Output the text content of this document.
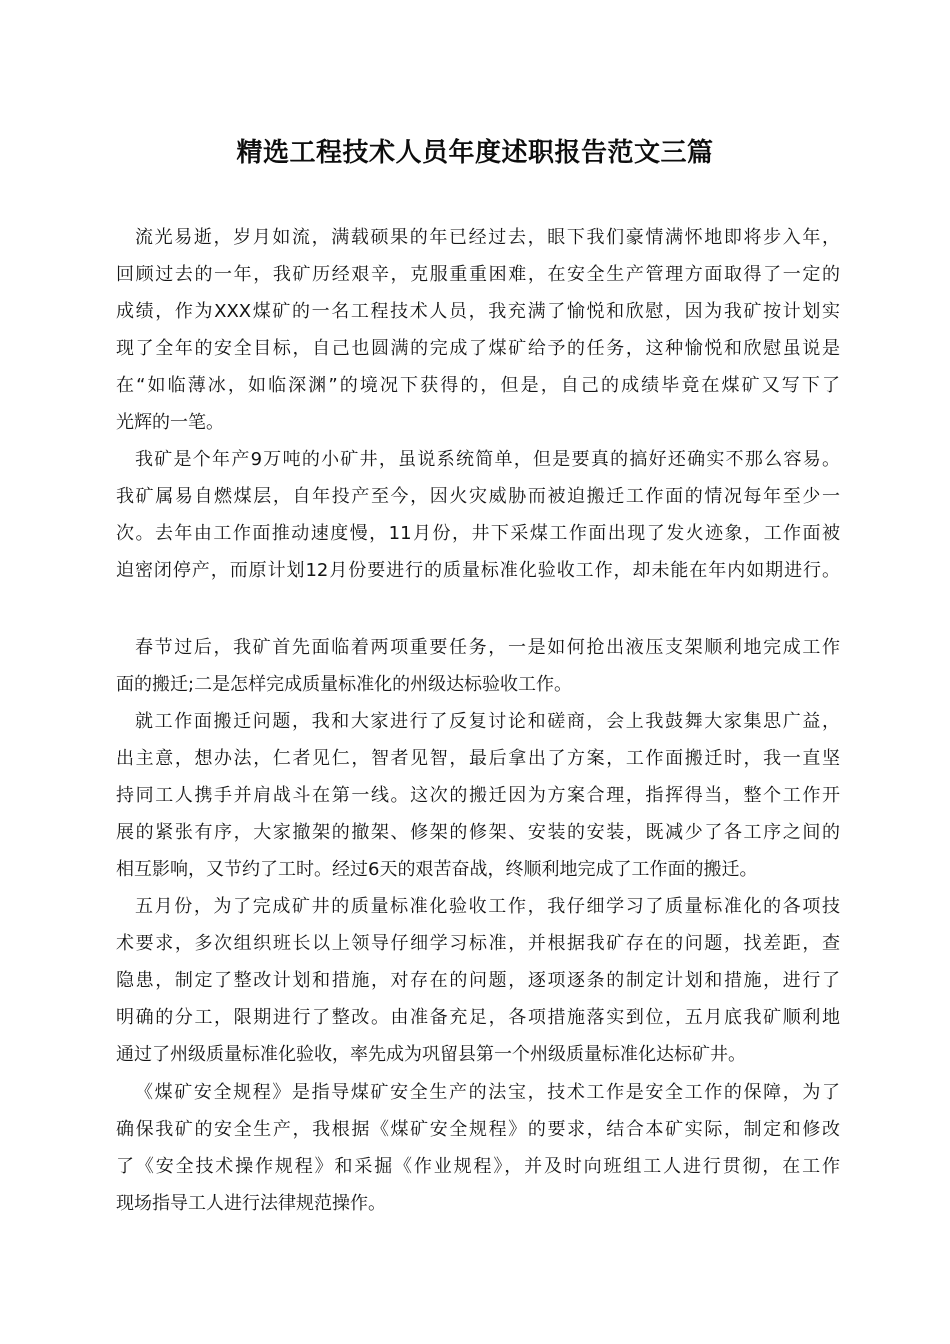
精选工程技术人员年度述职报告范文三篇
流光易逝，岁月如流，满载硕果的年已经过去，眼下我们豪情满怀地即将步入年，
回顾过去的一年，我矿历经艰辛，克服重重困难，在安全生产管理方面取得了一定的
成绩，作为XXX煤矿的一名工程技术人员，我充满了愉悦和欣慰，因为我矿按计划实
现了全年的安全目标，自己也圆满的完成了煤矿给予的任务，这种愉悦和欣慰虽说是
在“如临薄冰，如临深渊”的境况下获得的，但是，自己的成绩毕竟在煤矿又写下了
光辉的一笔。
我矿是个年产9万吨的小矿井，虽说系统简单，但是要真的搞好还确实不那么容易。
我矿属易自燃煤层，自年投产至今，因火灾威胁而被迫搬迁工作面的情况每年至少一
次。去年由工作面推动速度慢，11月份，井下采煤工作面出现了发火迹象，工作面被
迫密闭停产，而原计划12月份要进行的质量标准化验收工作，却未能在年内如期进行。
春节过后，我矿首先面临着两项重要任务，一是如何抢出液压支架顺利地完成工作
面的搬迁;二是怎样完成质量标准化的州级达标验收工作。
就工作面搬迁问题，我和大家进行了反复讨论和磋商，会上我鼓舞大家集思广益，
出主意，想办法，仁者见仁，智者见智，最后拿出了方案，工作面搬迁时，我一直坚
持同工人携手并肩战斗在第一线。这次的搬迁因为方案合理，指挥得当，整个工作开
展的紧张有序，大家撤架的撤架、修架的修架、安装的安装，既减少了各工序之间的
相互影响，又节约了工时。经过6天的艰苦奋战，终顺利地完成了工作面的搬迁。
五月份，为了完成矿井的质量标准化验收工作，我仔细学习了质量标准化的各项技
术要求，多次组织班长以上领导仔细学习标准，并根据我矿存在的问题，找差距，查
隐患，制定了整改计划和措施，对存在的问题，逐项逐条的制定计划和措施，进行了
明确的分工，限期进行了整改。由准备充足，各项措施落实到位，五月底我矿顺利地
通过了州级质量标准化验收，率先成为巩留县第一个州级质量标准化达标矿井。
《煤矿安全规程》是指导煤矿安全生产的法宝，技术工作是安全工作的保障，为了
确保我矿的安全生产，我根据《煤矿安全规程》的要求，结合本矿实际，制定和修改
了《安全技术操作规程》和采掘《作业规程》，并及时向班组工人进行贯彻，在工作
现场指导工人进行法律规范操作。
